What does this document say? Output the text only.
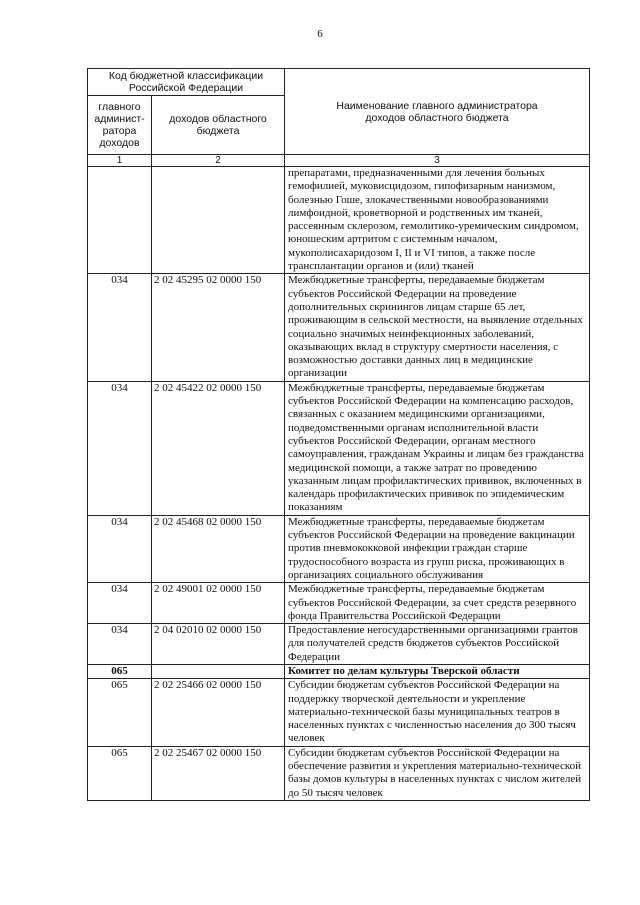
6
Код бюджетной классификации Российской Федерации		Наименование главного администратора доходов областного бюджета
главного админист-ратора доходов	доходов областного бюджета	
1	2	3
		препаратами, предназначенными для лечения больных гемофилией, муковисцидозом, гипофизарным нанизмом, болезнью Гоше, злокачественными новообразованиями лимфоидной, кроветворной и родственных им тканей, рассеянным склерозом, гемолитико-уремическим синдромом, юношеским артритом с системным началом, мукополисахаридозом I, II и VI типов, а также после трансплантации органов и (или) тканей
034	2 02 45295 02 0000 150	Межбюджетные трансферты, передаваемые бюджетам субъектов Российской Федерации на проведение дополнительных скринингов лицам старше 65 лет, проживающим в сельской местности, на выявление отдельных социально значимых неинфекционных заболеваний, оказывающих вклад в структуру смертности населения, с возможностью доставки данных лиц в медицинские организации
034	2 02 45422 02 0000 150	Межбюджетные трансферты, передаваемые бюджетам субъектов Российской Федерации на компенсацию расходов, связанных с оказанием медицинскими организациями, подведомственными органам исполнительной власти субъектов Российской Федерации, органам местного самоуправления, гражданам Украины и лицам без гражданства медицинской помощи, а также затрат по проведению указанным лицам профилактических прививок, включенных в календарь профилактических прививок по эпидемическим показаниям
034	2 02 45468 02 0000 150	Межбюджетные трансферты, передаваемые бюджетам субъектов Российской Федерации на проведение вакцинации против пневмококковой инфекции граждан старше трудоспособного возраста из групп риска, проживающих в организациях социального обслуживания
034	2 02 49001 02 0000 150	Межбюджетные трансферты, передаваемые бюджетам субъектов Российской Федерации, за счет средств резервного фонда Правительства Российской Федерации
034	2 04 02010 02 0000 150	Предоставление негосударственными организациями грантов для получателей средств бюджетов субъектов Российской Федерации
065		Комитет по делам культуры Тверской области
065	2 02 25466 02 0000 150	Субсидии бюджетам субъектов Российской Федерации на поддержку творческой деятельности и укрепление материально-технической базы муниципальных театров в населенных пунктах с численностью населения до 300 тысяч человек
065	2 02 25467 02 0000 150	Субсидии бюджетам субъектов Российской Федерации на обеспечение развития и укрепления материально-технической базы домов культуры в населенных пунктах с числом жителей до 50 тысяч человек
